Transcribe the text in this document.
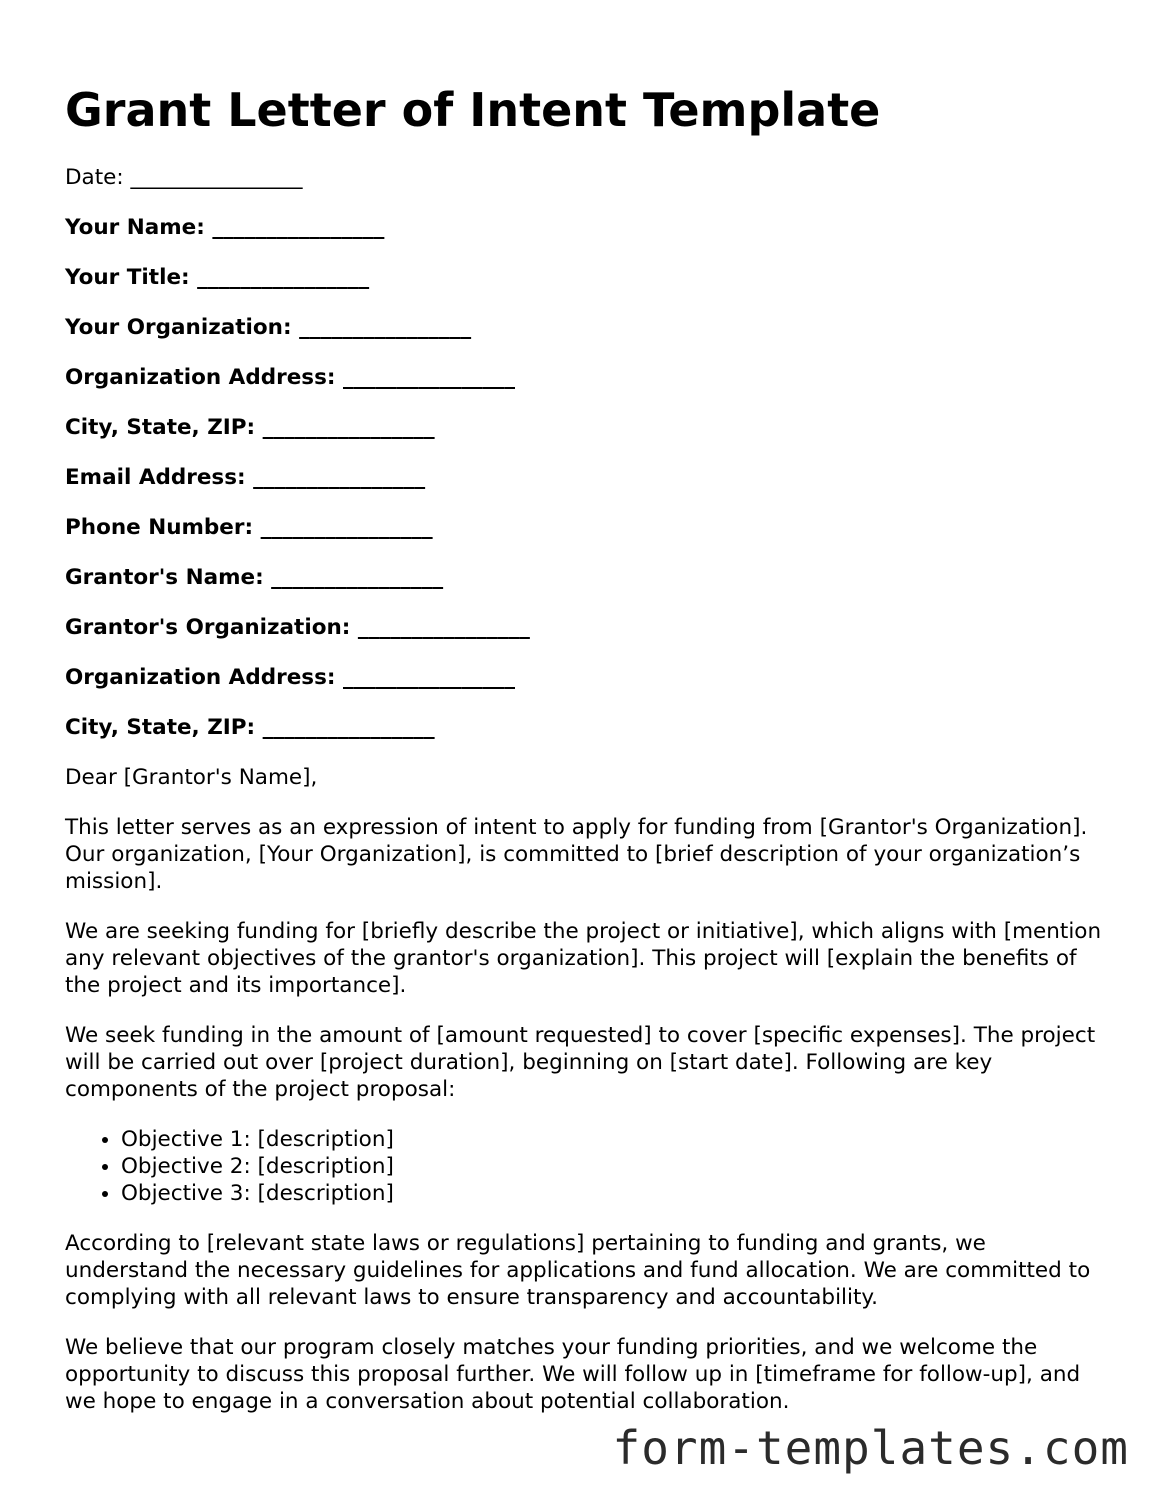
Grant Letter of Intent Template

Date: ________________

Your Name: ________________

Your Title: ________________

Your Organization: ________________

Organization Address: ________________

City, State, ZIP: ________________

Email Address: ________________

Phone Number: ________________

Grantor's Name: ________________

Grantor's Organization: ________________

Organization Address: ________________

City, State, ZIP: ________________

Dear [Grantor's Name],

This letter serves as an expression of intent to apply for funding from [Grantor's Organization]. Our organization, [Your Organization], is committed to [brief description of your organization’s mission].

We are seeking funding for [briefly describe the project or initiative], which aligns with [mention any relevant objectives of the grantor's organization]. This project will [explain the benefits of the project and its importance].

We seek funding in the amount of [amount requested] to cover [specific expenses]. The project will be carried out over [project duration], beginning on [start date]. Following are key components of the project proposal:

• Objective 1: [description]
• Objective 2: [description]
• Objective 3: [description]

According to [relevant state laws or regulations] pertaining to funding and grants, we understand the necessary guidelines for applications and fund allocation. We are committed to complying with all relevant laws to ensure transparency and accountability.

We believe that our program closely matches your funding priorities, and we welcome the opportunity to discuss this proposal further. We will follow up in [timeframe for follow-up], and we hope to engage in a conversation about potential collaboration.

form-templates.com
